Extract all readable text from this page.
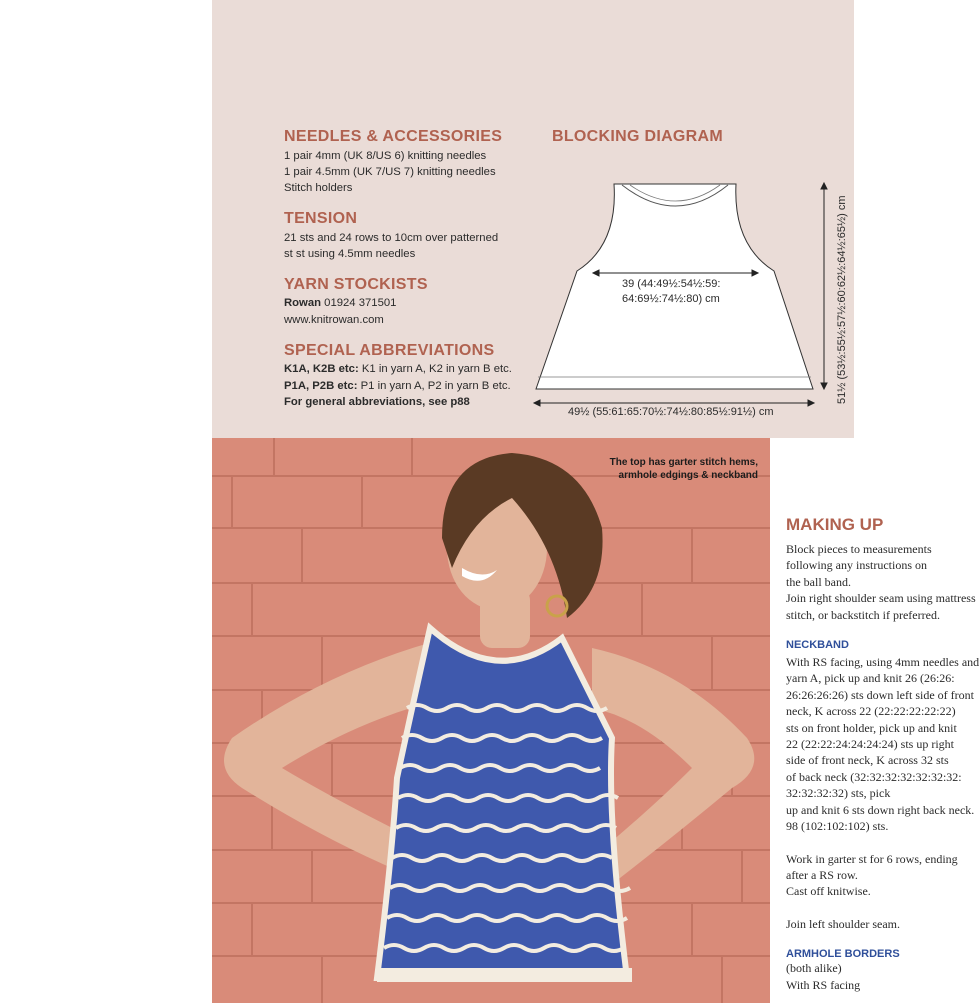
NEEDLES & ACCESSORIES

1 pair 4mm (UK 8/US 6) knitting needles

1 pair 4.5mm (UK 7/US 7) knitting needles

Stitch holders

TENSION

21 sts and 24 rows to 10cm over patterned

st st using 4.5mm needles

YARN STOCKISTS

Rowan 01924 371501

www.knitrowan.com

SPECIAL ABBREVIATIONS

K1A, K2B etc: K1 in yarn A, K2 in yarn B etc.

P1A, P2B etc: P1 in yarn A, P2 in yarn B etc.

For general abbreviations, see p88

BLOCKING DIAGRAM

39 (44:49½:54½:59:

64:69½:74½:80) cm

49½ (55:61:65:70½:74½:80:85½:91½) cm

51½ (53½:55½:57½:60:62½:64½:65½) cm

The top has garter stitch hems, armhole edgings & neckband
MAKING UP

Block pieces to measurements

following any instructions on

the ball band.

Join right shoulder seam using mattress

stitch, or backstitch if preferred.

NECKBAND

With RS facing, using 4mm needles and

yarn A, pick up and knit 26 (26:26:

26:26:26:26) sts down left side of front

neck, K across 22 (22:22:22:22:22)

sts on front holder, pick up and knit

22 (22:22:24:24:24:24) sts up right

side of front neck, K across 32 sts

of back neck (32:32:32:32:32:32:32:

32:32:32:32) sts, pick

up and knit 6 sts down right back neck.

98 (102:102:102) sts.

Work in garter st for 6 rows, ending

after a RS row.

Cast off knitwise.

Join left shoulder seam.

ARMHOLE BORDERS

(both alike)

With RS facing
